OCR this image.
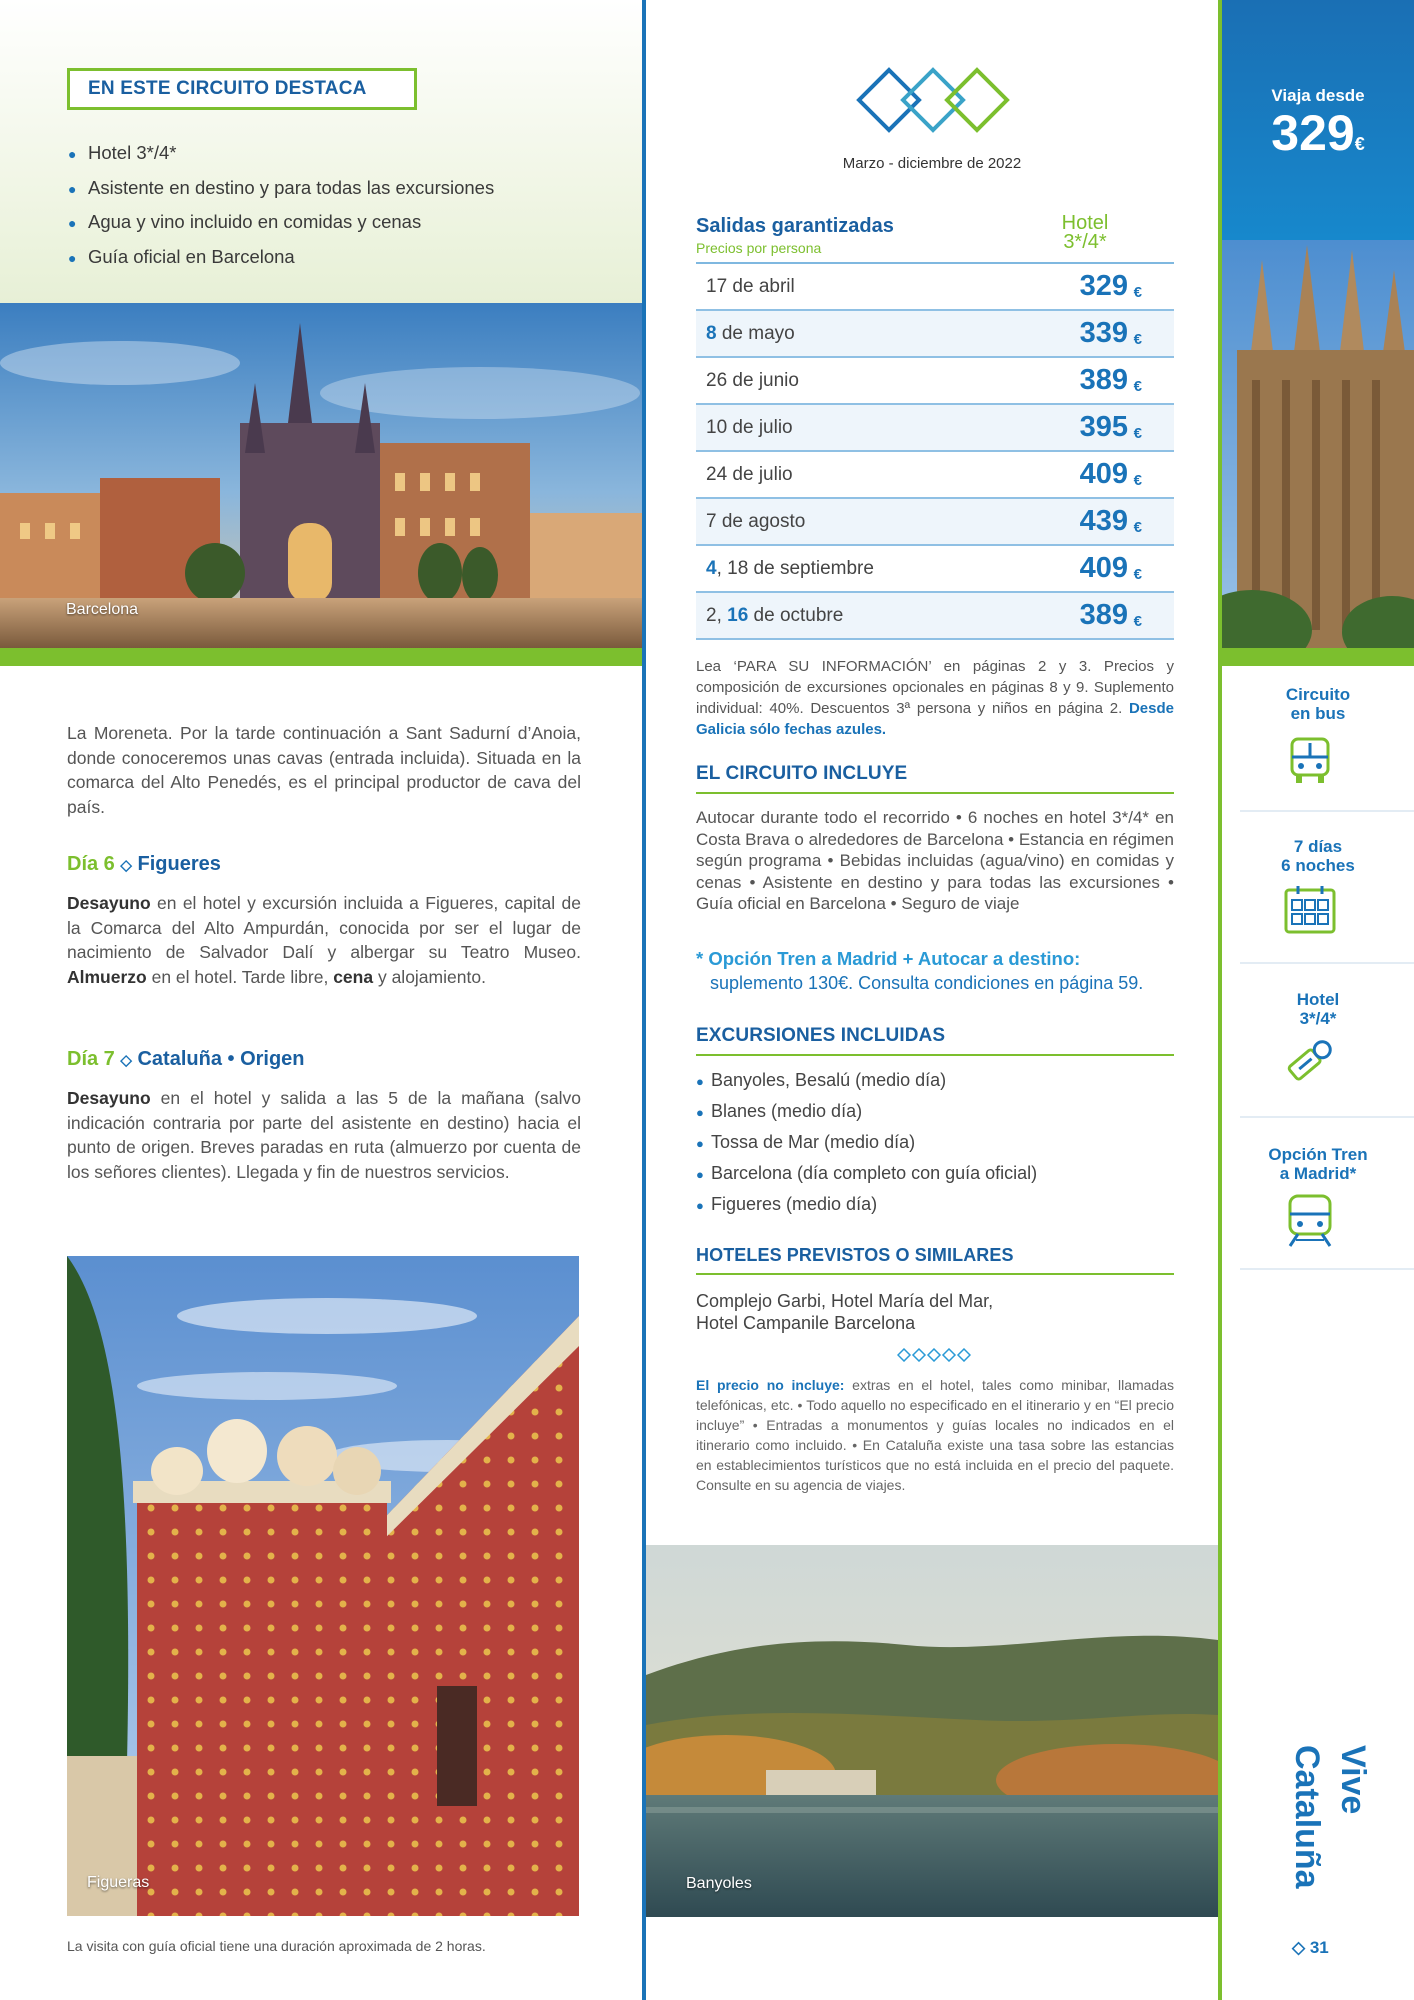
EN ESTE CIRCUITO DESTACA
● Hotel 3*/4*
● Asistente en destino y para todas las excursiones
● Agua y vino incluido en comidas y cenas
● Guía oficial en Barcelona
Barcelona
La Moreneta. Por la tarde continuación a Sant Sadurní d’Anoia, donde conoceremos unas cavas (entrada incluida). Situada en la comarca del Alto Penedés, es el principal productor de cava del país.
Día 6 ◇ Figueres
Desayuno en el hotel y excursión incluida a Figueres, capital de la Comarca del Alto Ampurdán, conocida por ser el lugar de nacimiento de Salvador Dalí y albergar su Teatro Museo. Almuerzo en el hotel. Tarde libre, cena y alojamiento.
Día 7 ◇ Cataluña • Origen
Desayuno en el hotel y salida a las 5 de la mañana (salvo indicación contraria por parte del asistente en destino) hacia el punto de origen. Breves paradas en ruta (almuerzo por cuenta de los señores clientes). Llegada y fin de nuestros servicios.
Figueras
La visita con guía oficial tiene una duración aproximada de 2 horas.
Marzo - diciembre de 2022
Salidas garantizadas
Precios por persona
Hotel
3*/4*
17 de abril	329 €
8 de mayo	339 €
26 de junio	389 €
10 de julio	395 €
24 de julio	409 €
7 de agosto	439 €
4, 18 de septiembre	409 €
2, 16 de octubre	389 €
Lea ‘PARA SU INFORMACIÓN’ en páginas 2 y 3. Precios y composición de excursiones opcionales en páginas 8 y 9. Suplemento individual: 40%. Descuentos 3ª persona y niños en página 2. Desde Galicia sólo fechas azules.
EL CIRCUITO INCLUYE
Autocar durante todo el recorrido • 6 noches en hotel 3*/4* en Costa Brava o alrededores de Barcelona • Estancia en régimen según programa • Bebidas incluidas (agua/vino) en comidas y cenas • Asistente en destino y para todas las excursiones • Guía oficial en Barcelona • Seguro de viaje
* Opción Tren a Madrid + Autocar a destino:
suplemento 130€. Consulta condiciones en página 59.
EXCURSIONES INCLUIDAS
● Banyoles, Besalú (medio día)
● Blanes (medio día)
● Tossa de Mar (medio día)
● Barcelona (día completo con guía oficial)
● Figueres (medio día)
HOTELES PREVISTOS O SIMILARES
Complejo Garbi, Hotel María del Mar,
Hotel Campanile Barcelona
El precio no incluye: extras en el hotel, tales como minibar, llamadas telefónicas, etc. • Todo aquello no especificado en el itinerario y en “El precio incluye” • Entradas a monumentos y guías locales no indicados en el itinerario como incluido. • En Cataluña existe una tasa sobre las estancias en establecimientos turísticos que no está incluida en el precio del paquete. Consulte en su agencia de viajes.
Banyoles
Viaja desde
329€
Circuito
en bus
7 días
6 noches
Hotel
3*/4*
Opción Tren
a Madrid*
Vive
Cataluña
◇ 31
